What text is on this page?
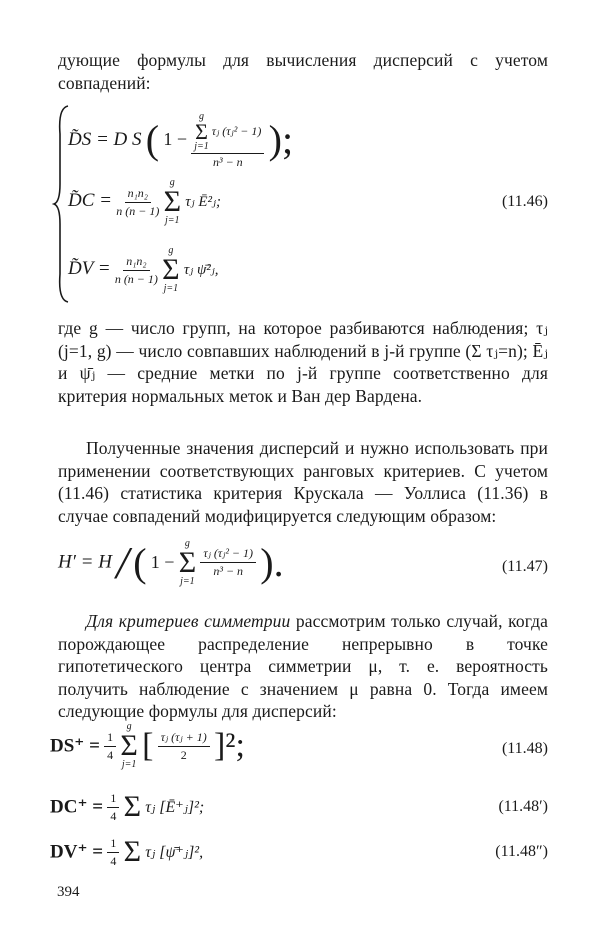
дующие формулы для вычисления дисперсий с учетом совпадений:
D͂S = D S ( 1 − g
Σ
j=1
τⱼ (τⱼ² − 1)
n³ − n );
D͂C = $\frac{\text{n₁n₂}}{n (n - 1)}$

g
Σ
j=1
τⱼ Ē²ⱼ;	(11.46)
D͂V = $\frac{\text{n₁n₂}}{n (n - 1)}$

g
Σ
j=1
τⱼ ψ̄²ⱼ,
где g — число групп, на которое разбиваются наблюдения; τⱼ (j=1, g) — число совпавших наблюдений в j-й группе (Σ τⱼ=n); Ēⱼ и ψ̄ⱼ — средние метки по j-й группе соответственно для критерия нормальных меток и Ван дер Вардена.
Полученные значения дисперсий и нужно использовать при применении соответствующих ранговых критериев. С учетом (11.46) статистика критерия Крускала — Уоллиса (11.36) в случае совпадений модифицируется следующим образом:
H′ = H / ( 1 −
g
Σ
j=1

$\frac{\text{τⱼ (τⱼ² − 1)}}{\text{n³ − n}}$ ).	(11.47)
Для критериев симметрии рассмотрим только случай, когда порождающее распределение непрерывно в точке гипотетического центра симметрии μ, т. е. вероятность получить наблюдение с значением μ равна 0. Тогда имеем следующие формулы для дисперсий:
$DS^+ = \frac{1}{4}$

g
Σ
j=1
[ $\frac{\text{τⱼ (τⱼ + 1)}}{2} ]^2$;	(11.48)
$DC^+ = \frac{1}{4}$ Σ τⱼ [Ē⁺ⱼ]²;	(11.48′)
$DV^+ = \frac{1}{4}$ Σ τⱼ [ψ̄⁺ⱼ]²,	(11.48″)
394
